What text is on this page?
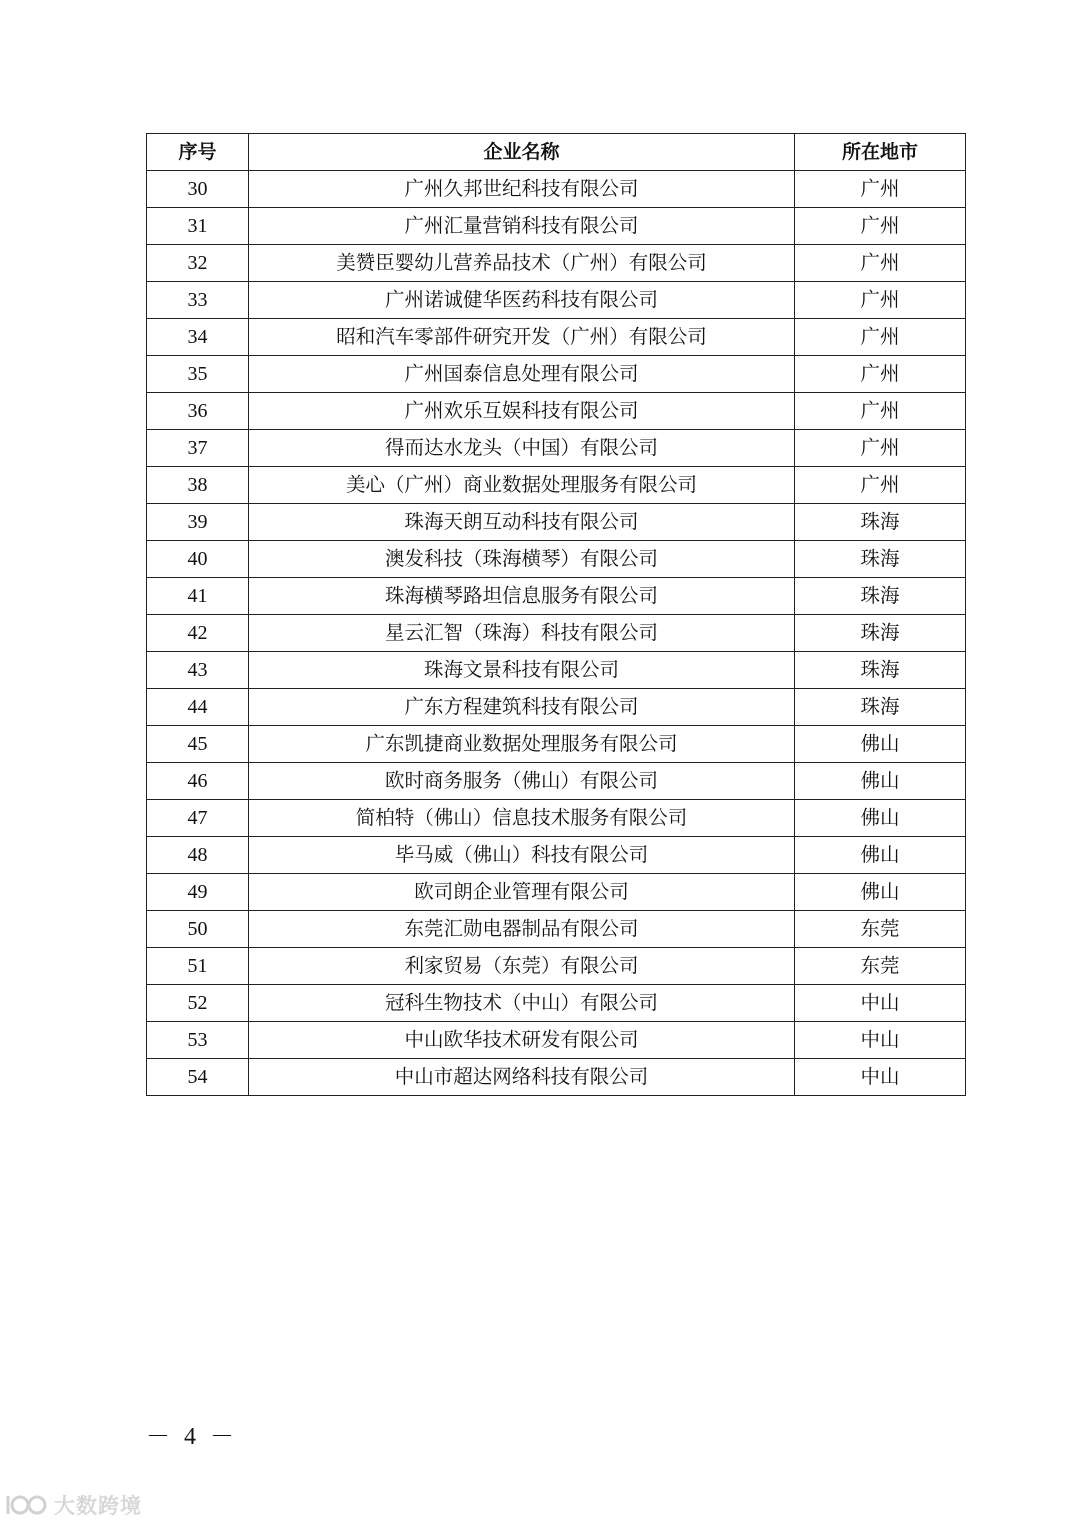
序号	企业名称	所在地市
30	广州久邦世纪科技有限公司	广州
31	广州汇量营销科技有限公司	广州
32	美赞臣婴幼儿营养品技术（广州）有限公司	广州
33	广州诺诚健华医药科技有限公司	广州
34	昭和汽车零部件研究开发（广州）有限公司	广州
35	广州国泰信息处理有限公司	广州
36	广州欢乐互娱科技有限公司	广州
37	得而达水龙头（中国）有限公司	广州
38	美心（广州）商业数据处理服务有限公司	广州
39	珠海天朗互动科技有限公司	珠海
40	澳发科技（珠海横琴）有限公司	珠海
41	珠海横琴路坦信息服务有限公司	珠海
42	星云汇智（珠海）科技有限公司	珠海
43	珠海文景科技有限公司	珠海
44	广东方程建筑科技有限公司	珠海
45	广东凯捷商业数据处理服务有限公司	佛山
46	欧时商务服务（佛山）有限公司	佛山
47	简柏特（佛山）信息技术服务有限公司	佛山
48	毕马威（佛山）科技有限公司	佛山
49	欧司朗企业管理有限公司	佛山
50	东莞汇勋电器制品有限公司	东莞
51	利家贸易（东莞）有限公司	东莞
52	冠科生物技术（中山）有限公司	中山
53	中山欧华技术研发有限公司	中山
54	中山市超达网络科技有限公司	中山
－ 4 －
大数跨境
